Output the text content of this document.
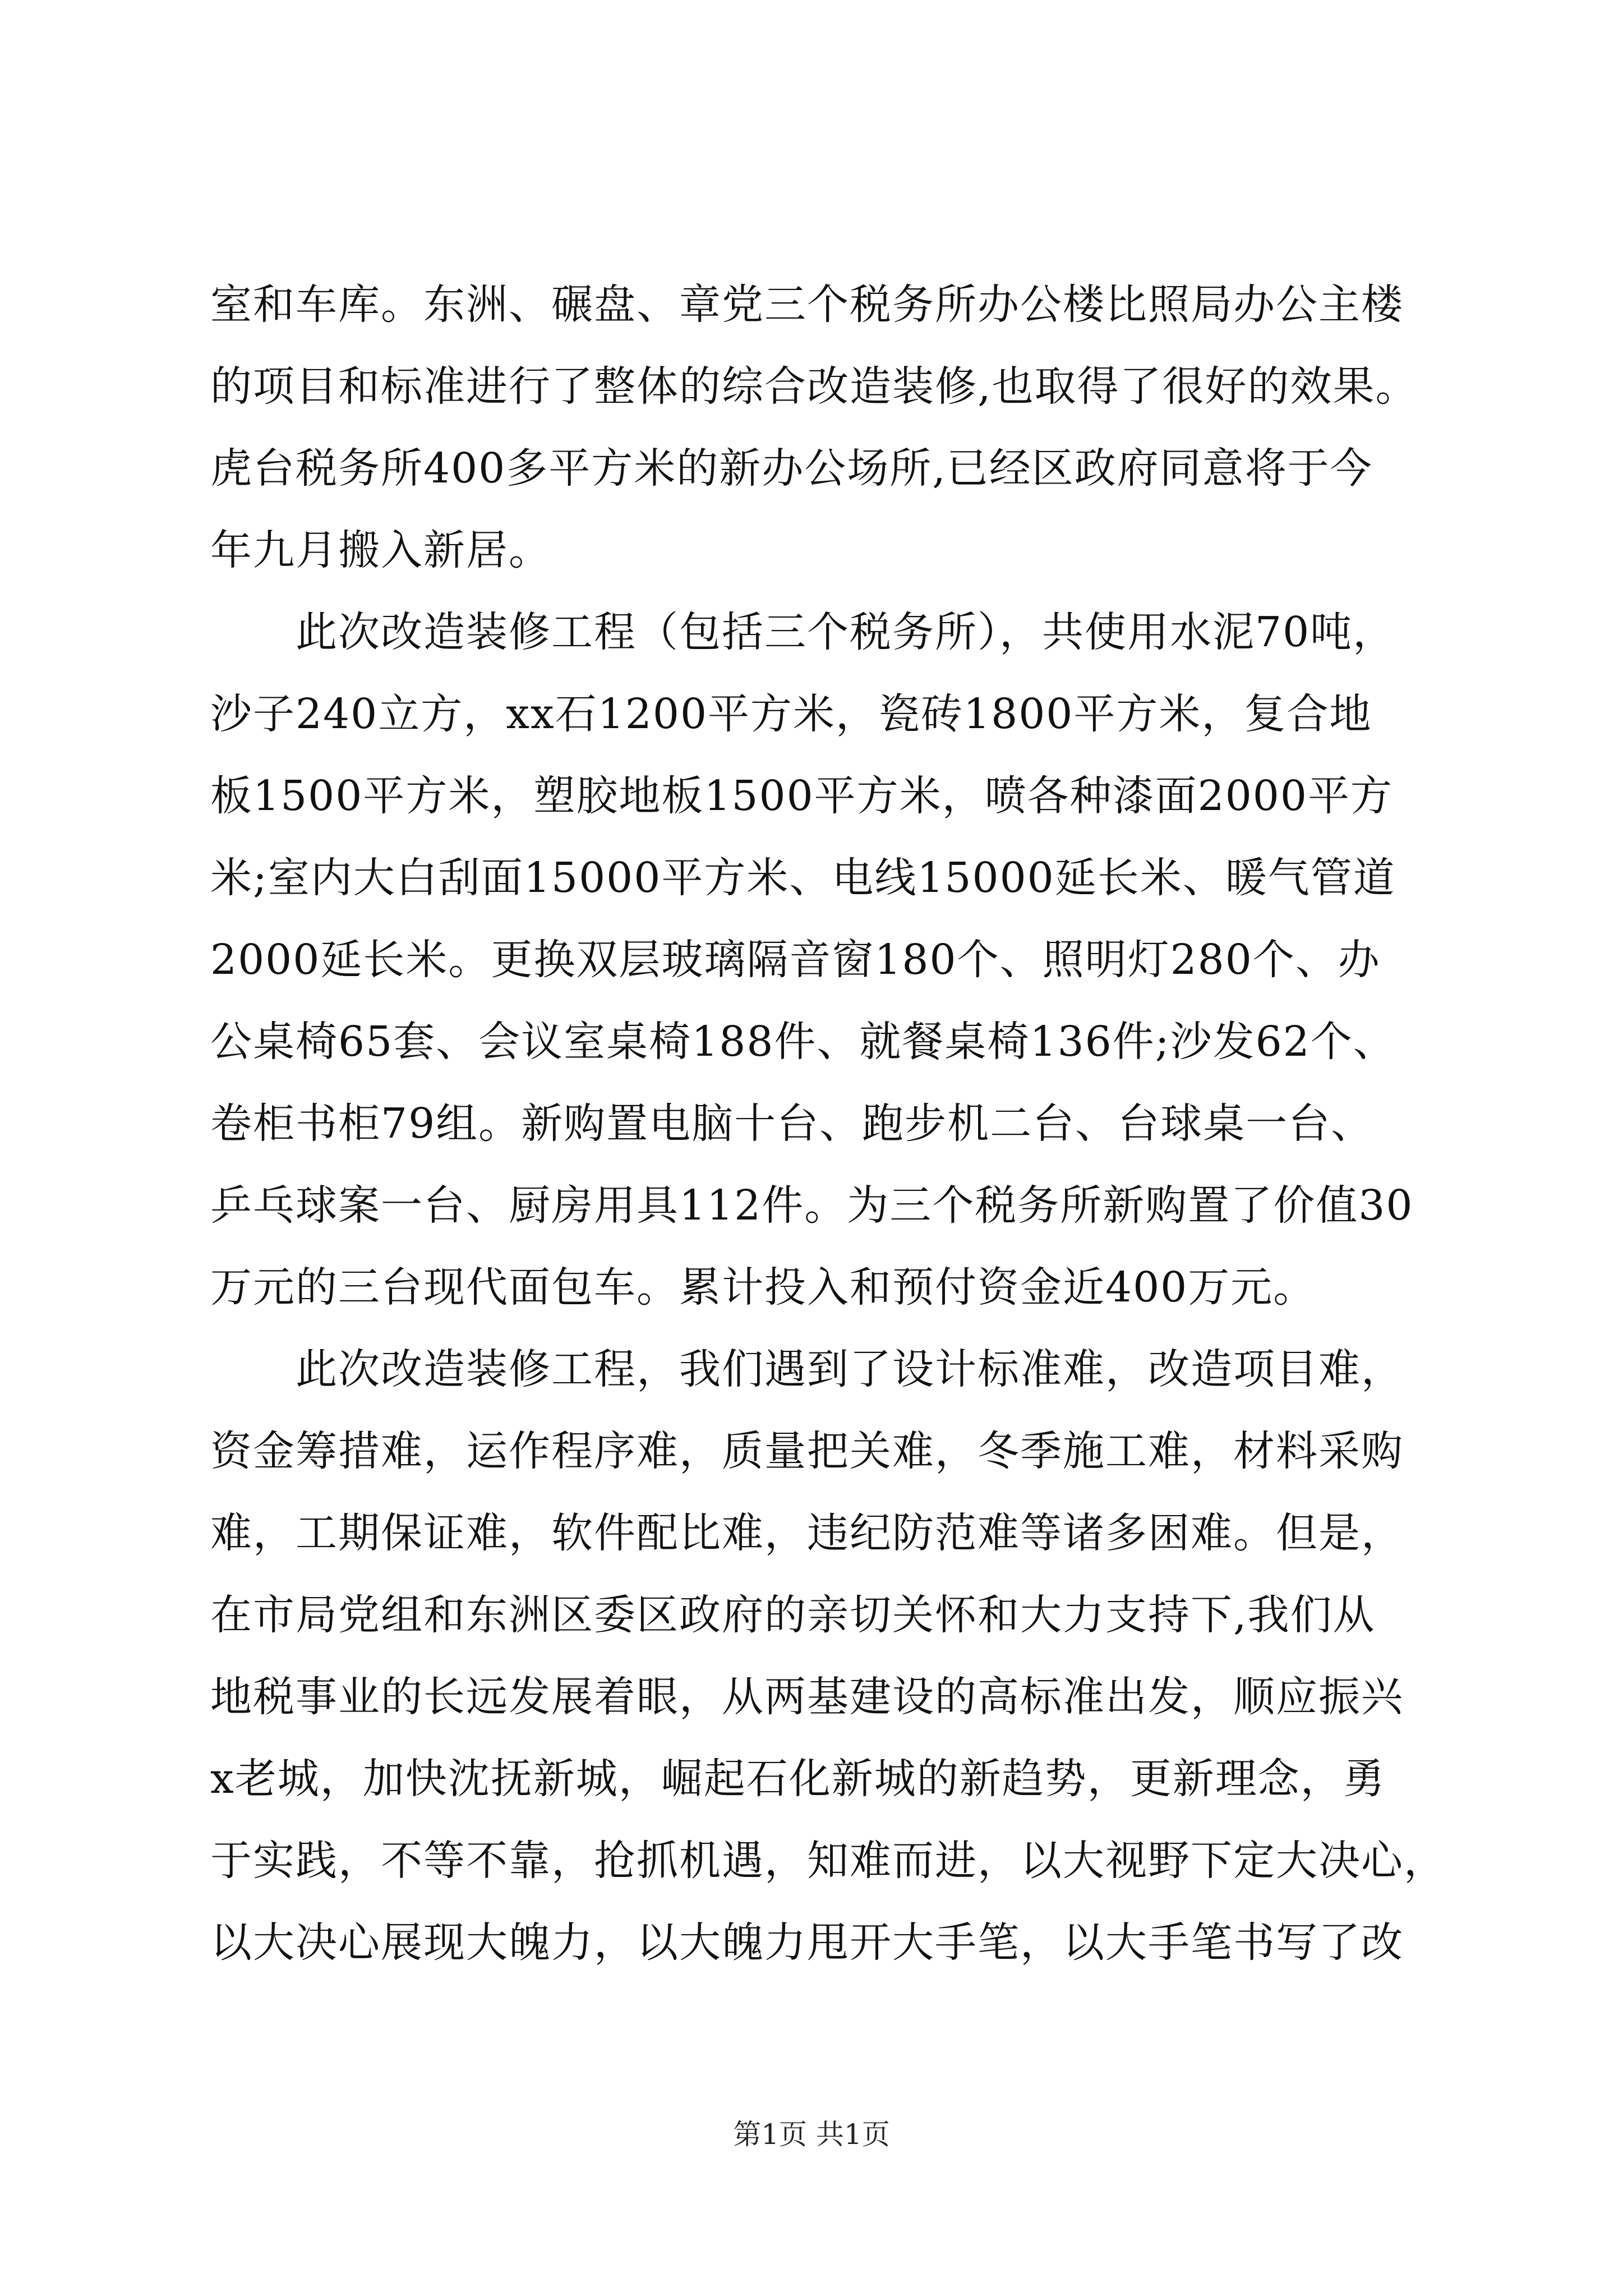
室和车库。东洲、碾盘、章党三个税务所办公楼比照局办公主楼
的项目和标准进行了整体的综合改造装修,也取得了很好的效果。
虎台税务所400多平方米的新办公场所,已经区政府同意将于今
年九月搬入新居。
　　此次改造装修工程（包括三个税务所），共使用水泥70吨，
沙子240立方，xx石1200平方米，瓷砖1800平方米，复合地
板1500平方米，塑胶地板1500平方米，喷各种漆面2000平方
米;室内大白刮面15000平方米、电线15000延长米、暖气管道
2000延长米。更换双层玻璃隔音窗180个、照明灯280个、办
公桌椅65套、会议室桌椅188件、就餐桌椅136件;沙发62个、
卷柜书柜79组。新购置电脑十台、跑步机二台、台球桌一台、
乒乓球案一台、厨房用具112件。为三个税务所新购置了价值30
万元的三台现代面包车。累计投入和预付资金近400万元。
　　此次改造装修工程，我们遇到了设计标准难，改造项目难，
资金筹措难，运作程序难，质量把关难，冬季施工难，材料采购
难，工期保证难，软件配比难，违纪防范难等诸多困难。但是，
在市局党组和东洲区委区政府的亲切关怀和大力支持下,我们从
地税事业的长远发展着眼，从两基建设的高标准出发，顺应振兴
x老城，加快沈抚新城，崛起石化新城的新趋势，更新理念，勇
于实践，不等不靠，抢抓机遇，知难而进，以大视野下定大决心，
以大决心展现大魄力，以大魄力甩开大手笔，以大手笔书写了改
第1页 共1页
